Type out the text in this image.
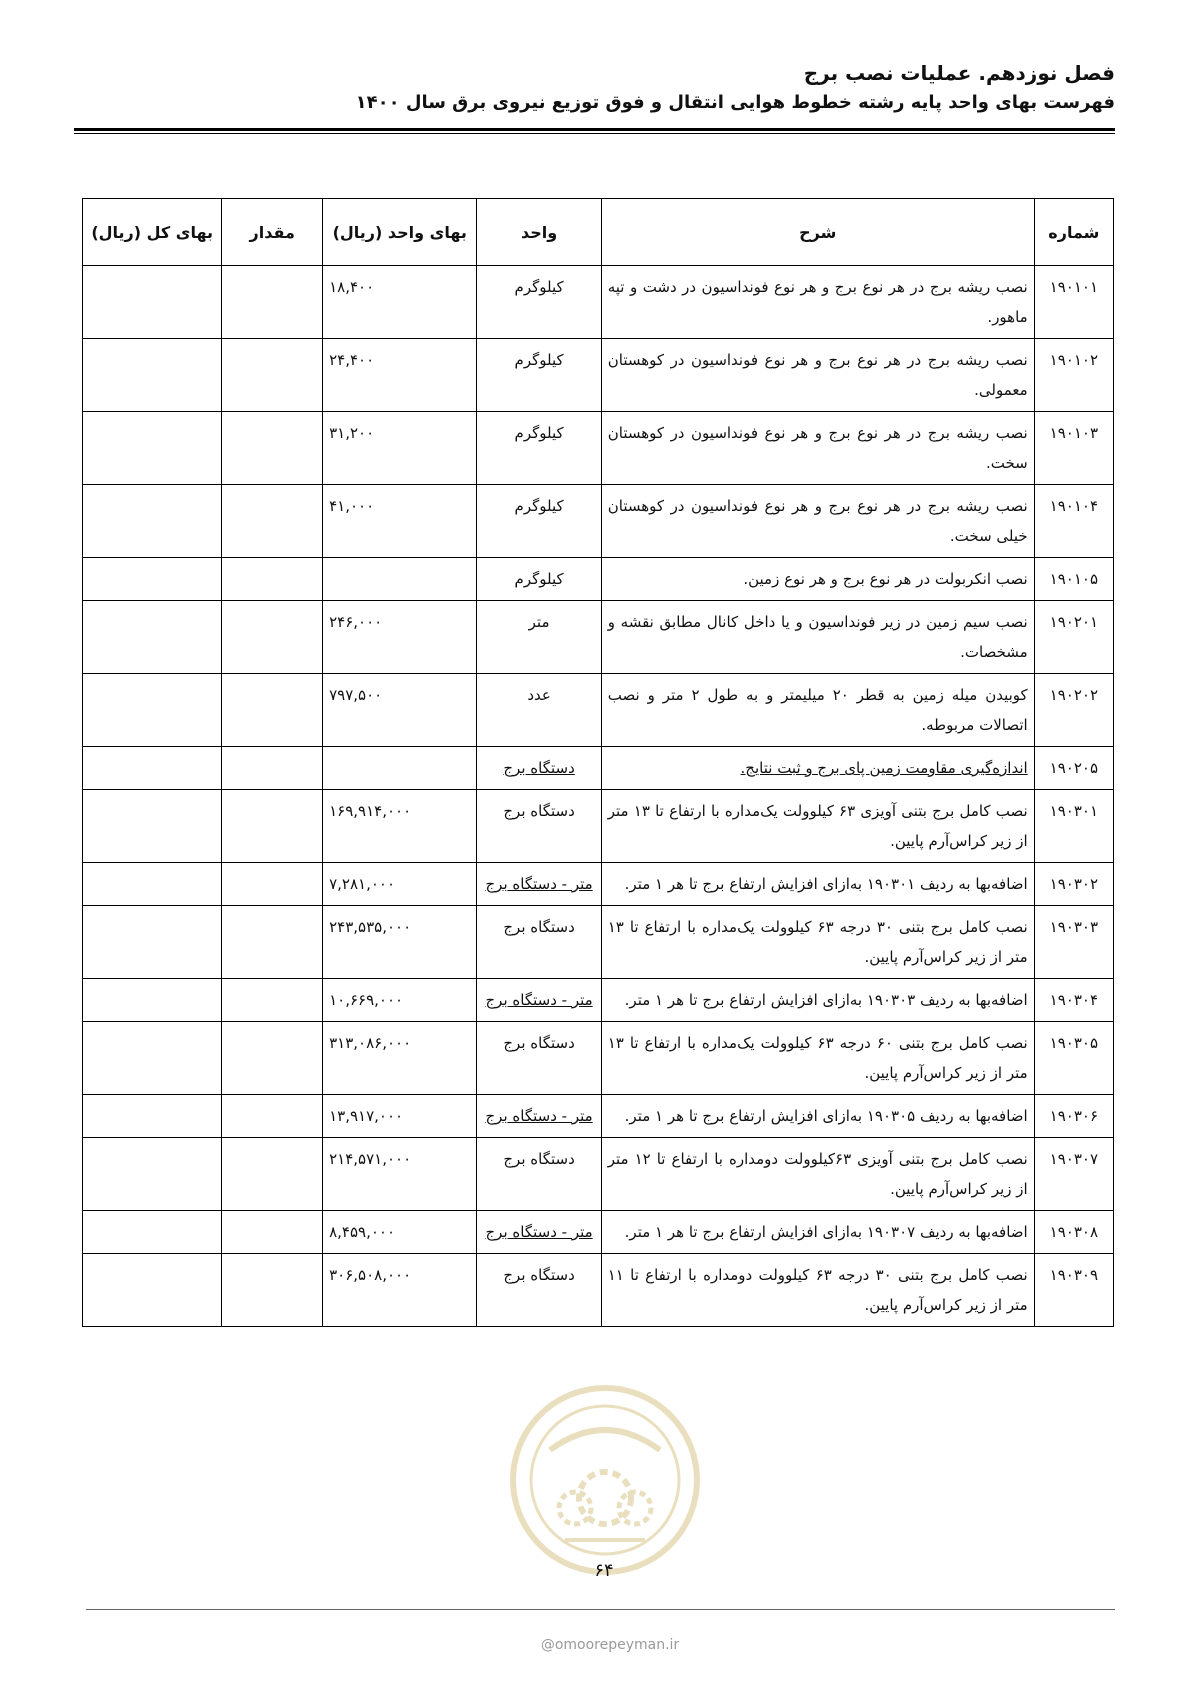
فصل نوزدهم. عملیات نصب برج
فهرست بهای واحد پایه رشته خطوط هوایی انتقال و فوق توزیع نیروی برق سال ۱۴۰۰
شماره	شرح	واحد	بهای واحد (ریال)	مقدار	بهای کل (ریال)
۱۹۰۱۰۱	نصب ریشه برج در هر نوع برج و هر نوع فونداسیون در دشت و تپه ماهور.	کیلوگرم	۱۸,۴۰۰		
۱۹۰۱۰۲	نصب ریشه برج در هر نوع برج و هر نوع فونداسیون در کوهستان معمولی.	کیلوگرم	۲۴,۴۰۰		
۱۹۰۱۰۳	نصب ریشه برج در هر نوع برج و هر نوع فونداسیون در کوهستان سخت.	کیلوگرم	۳۱,۲۰۰		
۱۹۰۱۰۴	نصب ریشه برج در هر نوع برج و هر نوع فونداسیون در کوهستان خیلی سخت.	کیلوگرم	۴۱,۰۰۰		
۱۹۰۱۰۵	نصب انکربولت در هر نوع برج و هر نوع زمین.	کیلوگرم			
۱۹۰۲۰۱	نصب سیم زمین در زیر فونداسیون و یا داخل کانال مطابق نقشه و مشخصات.	متر	۲۴۶,۰۰۰		
۱۹۰۲۰۲	کوبیدن میله زمین به قطر ۲۰ میلیمتر و به طول ۲ متر و نصب اتصالات مربوطه.	عدد	۷۹۷,۵۰۰		
۱۹۰۲۰۵	اندازه‌گیری مقاومت زمین پای برج و ثبت نتایج.	دستگاه برج			
۱۹۰۳۰۱	نصب کامل برج بتنی آویزی ۶۳ کیلوولت یک‌مداره با ارتفاع تا ۱۳ متر از زیر کراس‌آرم پایین.	دستگاه برج	۱۶۹,۹۱۴,۰۰۰		
۱۹۰۳۰۲	اضافه‌بها به ردیف ۱۹۰۳۰۱ به‌ازای افزایش ارتفاع برج تا هر ۱ متر.	متر - دستگاه برج	۷,۲۸۱,۰۰۰		
۱۹۰۳۰۳	نصب کامل برج بتنی ۳۰ درجه ۶۳ کیلوولت یک‌مداره با ارتفاع تا ۱۳ متر از زیر کراس‌آرم پایین.	دستگاه برج	۲۴۳,۵۳۵,۰۰۰		
۱۹۰۳۰۴	اضافه‌بها به ردیف ۱۹۰۳۰۳ به‌ازای افزایش ارتفاع برج تا هر ۱ متر.	متر - دستگاه برج	۱۰,۶۶۹,۰۰۰		
۱۹۰۳۰۵	نصب کامل برج بتنی ۶۰ درجه ۶۳ کیلوولت یک‌مداره با ارتفاع تا ۱۳ متر از زیر کراس‌آرم پایین.	دستگاه برج	۳۱۳,۰۸۶,۰۰۰		
۱۹۰۳۰۶	اضافه‌بها به ردیف ۱۹۰۳۰۵ به‌ازای افزایش ارتفاع برج تا هر ۱ متر.	متر - دستگاه برج	۱۳,۹۱۷,۰۰۰		
۱۹۰۳۰۷	نصب کامل برج بتنی آویزی ۶۳کیلوولت دومداره با ارتفاع تا ۱۲ متر از زیر کراس‌آرم پایین.	دستگاه برج	۲۱۴,۵۷۱,۰۰۰		
۱۹۰۳۰۸	اضافه‌بها به ردیف ۱۹۰۳۰۷ به‌ازای افزایش ارتفاع برج تا هر ۱ متر.	متر - دستگاه برج	۸,۴۵۹,۰۰۰		
۱۹۰۳۰۹	نصب کامل برج بتنی ۳۰ درجه ۶۳ کیلوولت دومداره با ارتفاع تا ۱۱ متر از زیر کراس‌آرم پایین.	دستگاه برج	۳۰۶,۵۰۸,۰۰۰		
۶۴
@omoorepeyman.ir
